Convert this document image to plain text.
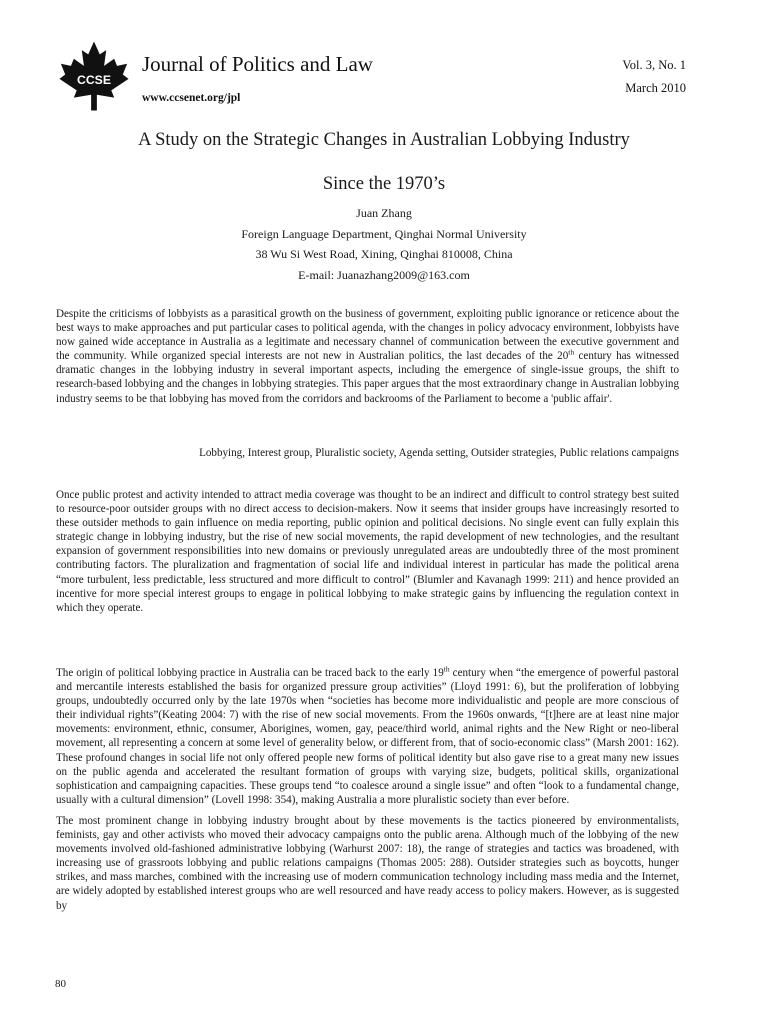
CCSE
Journal of Politics and Law
www.ccsenet.org/jpl
Vol. 3, No. 1
March 2010
A Study on the Strategic Changes in Australian Lobbying Industry
Since the 1970’s
Juan Zhang
Foreign Language Department, Qinghai Normal University
38 Wu Si West Road, Xining, Qinghai 810008, China
E-mail: Juanazhang2009@163.com

Despite the criticisms of lobbyists as a parasitical growth on the business of government, exploiting public ignorance or reticence about the best ways to make approaches and put particular cases to political agenda, with the changes in policy advocacy environment, lobbyists have now gained wide acceptance in Australia as a legitimate and necessary channel of communication between the executive government and the community. While organized special interests are not new in Australian politics, the last decades of the 20th century has witnessed dramatic changes in the lobbying industry in several important aspects, including the emergence of single-issue groups, the shift to research-based lobbying and the changes in lobbying strategies. This paper argues that the most extraordinary change in Australian lobbying industry seems to be that lobbying has moved from the corridors and backrooms of the Parliament to become a 'public affair'.

Lobbying, Interest group, Pluralistic society, Agenda setting, Outsider strategies, Public relations campaigns

Once public protest and activity intended to attract media coverage was thought to be an indirect and difficult to control strategy best suited to resource-poor outsider groups with no direct access to decision-makers. Now it seems that insider groups have increasingly resorted to these outsider methods to gain influence on media reporting, public opinion and political decisions. No single event can fully explain this strategic change in lobbying industry, but the rise of new social movements, the rapid development of new technologies, and the resultant expansion of government responsibilities into new domains or previously unregulated areas are undoubtedly three of the most prominent contributing factors. The pluralization and fragmentation of social life and individual interest in particular has made the political arena “more turbulent, less predictable, less structured and more difficult to control” (Blumler and Kavanagh 1999: 211) and hence provided an incentive for more special interest groups to engage in political lobbying to make strategic gains by influencing the regulation context in which they operate.

The origin of political lobbying practice in Australia can be traced back to the early 19th century when “the emergence of powerful pastoral and mercantile interests established the basis for organized pressure group activities” (Lloyd 1991: 6), but the proliferation of lobbying groups, undoubtedly occurred only by the late 1970s when “societies has become more individualistic and people are more conscious of their individual rights”(Keating 2004: 7) with the rise of new social movements. From the 1960s onwards, “[t]here are at least nine major movements: environment, ethnic, consumer, Aborigines, women, gay, peace/third world, animal rights and the New Right or neo-liberal movement, all representing a concern at some level of generality below, or different from, that of socio-economic class” (Marsh 2001: 162). These profound changes in social life not only offered people new forms of political identity but also gave rise to a great many new issues on the public agenda and accelerated the resultant formation of groups with varying size, budgets, political skills, organizational sophistication and campaigning capacities. These groups tend “to coalesce around a single issue” and often “look to a fundamental change, usually with a cultural dimension” (Lovell 1998: 354), making Australia a more pluralistic society than ever before.

The most prominent change in lobbying industry brought about by these movements is the tactics pioneered by environmentalists, feminists, gay and other activists who moved their advocacy campaigns onto the public arena. Although much of the lobbying of the new movements involved old-fashioned administrative lobbying (Warhurst 2007: 18), the range of strategies and tactics was broadened, with increasing use of grassroots lobbying and public relations campaigns (Thomas 2005: 288). Outsider strategies such as boycotts, hunger strikes, and mass marches, combined with the increasing use of modern communication technology including mass media and the Internet, are widely adopted by established interest groups who are well resourced and have ready access to policy makers. However, as is suggested by

80
